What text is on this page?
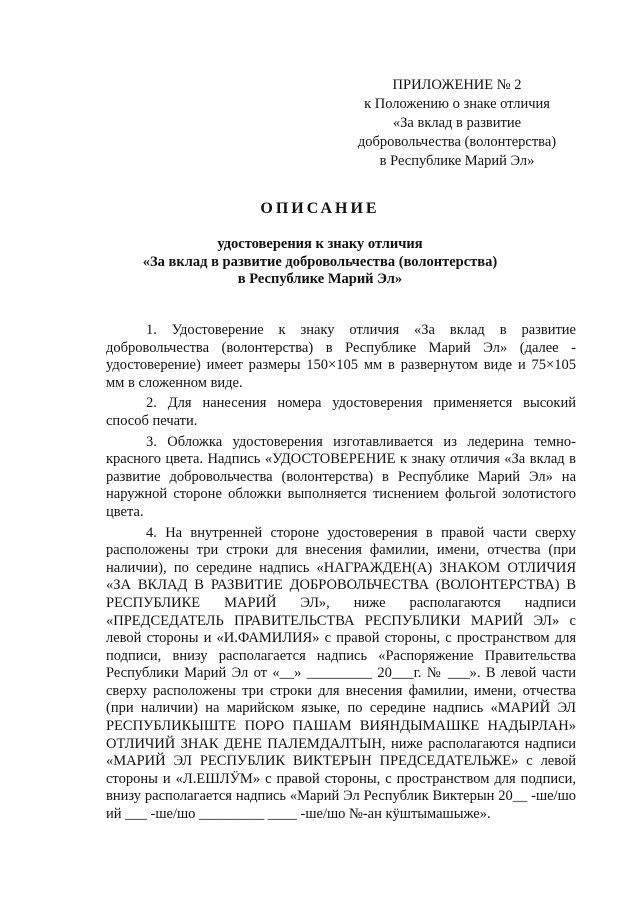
ПРИЛОЖЕНИЕ № 2
к Положению о знаке отличия
«За вклад в развитие
добровольчества (волонтерства)
в Республике Марий Эл»
ОПИСАНИЕ
удостоверения к знаку отличия
«За вклад в развитие добровольчества (волонтерства)
в Республике Марий Эл»

1. Удостоверение к знаку отличия «За вклад в развитие добровольчества (волонтерства) в Республике Марий Эл» (далее - удостоверение) имеет размеры 150×105 мм в развернутом виде и 75×105 мм в сложенном виде.

2. Для нанесения номера удостоверения применяется высокий способ печати.

3. Обложка удостоверения изготавливается из ледерина темно-красного цвета. Надпись «УДОСТОВЕРЕНИЕ к знаку отличия «За вклад в развитие добровольчества (волонтерства) в Республике Марий Эл» на наружной стороне обложки выполняется тиснением фольгой золотистого цвета.

4. На внутренней стороне удостоверения в правой части сверху расположены три строки для внесения фамилии, имени, отчества (при наличии), по середине надпись «НАГРАЖДЕН(А) ЗНАКОМ ОТЛИЧИЯ «ЗА ВКЛАД В РАЗВИТИЕ ДОБРОВОЛЬЧЕСТВА (ВОЛОНТЕРСТВА) В РЕСПУБЛИКЕ МАРИЙ ЭЛ», ниже располагаются надписи «ПРЕДСЕДАТЕЛЬ ПРАВИТЕЛЬСТВА РЕСПУБЛИКИ МАРИЙ ЭЛ» с левой стороны и «И.ФАМИЛИЯ» с правой стороны, с пространством для подписи, внизу располагается надпись «Распоряжение Правительства Республики Марий Эл от «__» _________ 20___г. № ___». В левой части сверху расположены три строки для внесения фамилии, имени, отчества (при наличии) на марийском языке, по середине надпись «МАРИЙ ЭЛ РЕСПУБЛИКЫШТЕ ПОРО ПАШАМ ВИЯНДЫМАШКЕ НАДЫРЛАН» ОТЛИЧИЙ ЗНАК ДЕНЕ ПАЛЕМДАЛТЫН, ниже располагаются надписи «МАРИЙ ЭЛ РЕСПУБЛИК ВИКТЕРЫН ПРЕДСЕДАТЕЛЬЖЕ» с левой стороны и «Л.ЕШЛӰМ» с правой стороны, с пространством для подписи, внизу располагается надпись «Марий Эл Республик Виктерын 20__ -ше/шо ий ___ -ше/шо _________ ____ -ше/шо №-ан кӱштымашыже».
